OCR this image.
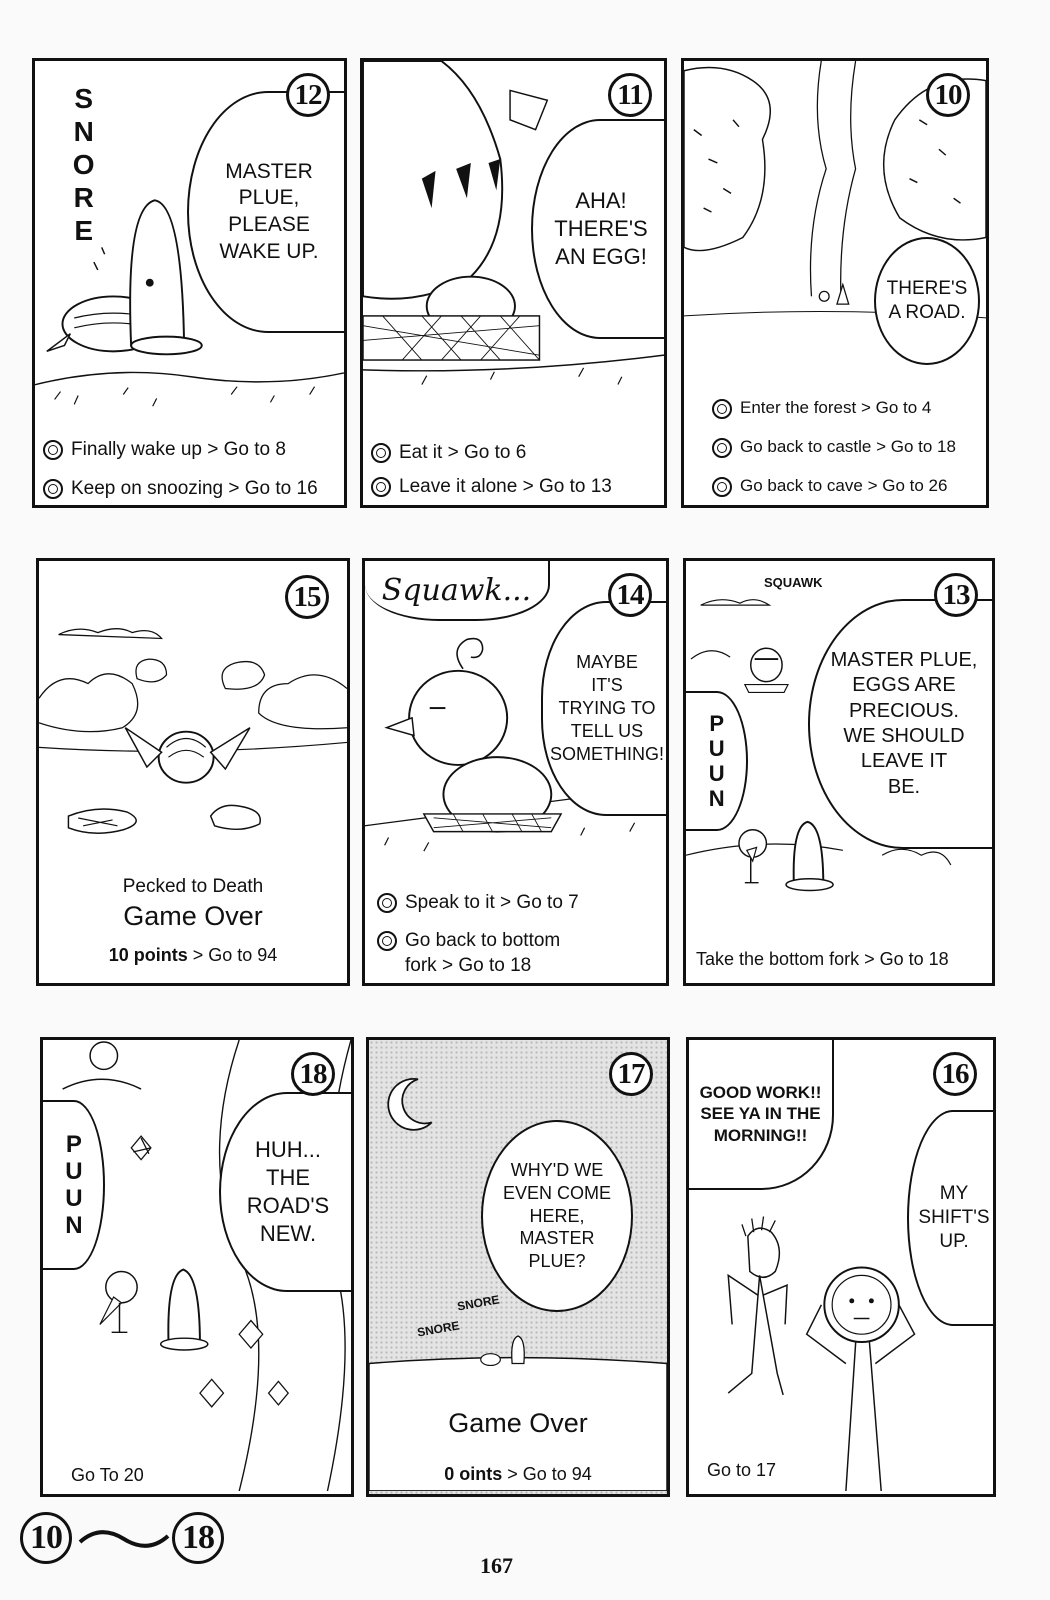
SNORE	MASTER
PLUE,
PLEASE
WAKE UP.
12
Finally wake up > Go to 8
Keep on snoozing > Go to 16
AHA!
THERE'S
AN EGG!
11
Eat it > Go to 6
Leave it alone > Go to 13
THERE'S
A ROAD.
10
Enter the forest > Go to 4
Go back to castle > Go to 18
Go back to cave > Go to 26
15
Pecked to Death
Game Over
10 points > Go to 94
Squawk...
MAYBE
IT'S
TRYING TO
TELL US
SOMETHING!
14
Speak to it > Go to 7
Go back to bottom
fork > Go to 18
SQUAWK
PUUN
MASTER PLUE,
EGGS ARE
PRECIOUS.
WE SHOULD
LEAVE IT
BE.
13
Take the bottom fork > Go to 18
PUUN	HUH...
THE
ROAD'S
NEW.
18
Go To 20
SNORE
SNORE
WHY'D WE
EVEN COME
HERE,
MASTER
PLUE?
17
Game Over
0 oints > Go to 94
GOOD WORK!!
SEE YA IN THE
MORNING!!
MY
SHIFT'S
UP.
16
Go to 17
10	18
167
